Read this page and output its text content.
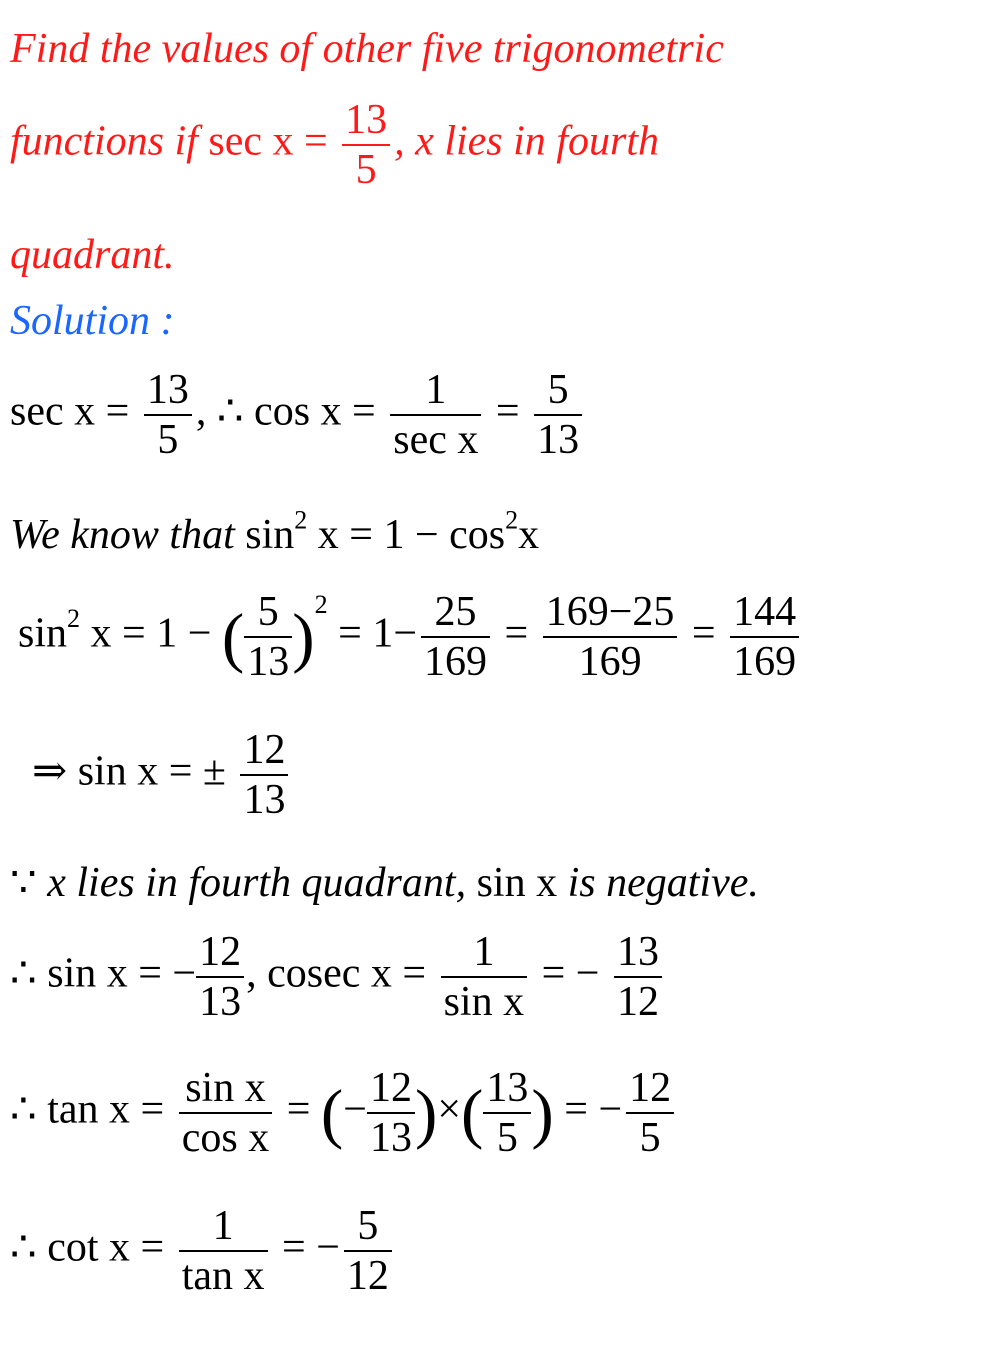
Find the values of other five trigonometric
functions if $\sec x = \frac{13}{5}$ , x lies in fourth
quadrant.
Solution :
$\sec x = \frac{13}{5}$ , ∴ $\cos x = \frac{1}{\text{sec x}} = \frac{5}{13}$
We know that $\sin^2 x = 1 - \cos^2x$
$\sin^2 x = 1$ − ( $\frac{5}{13} )^2 = 1- \frac{25}{169} = \frac{169-25}{169} = \frac{144}{169}$
⇒ sin x = ± $\frac{12}{13}$
∵ x lies in fourth quadrant, sin x is negative.
∴ sin x = − $\frac{12}{13}$ , cosec $x = \frac{1}{\text{sin x}}$ = − $\frac{13}{12}$
∴ $\tan x = \frac{\text{sin x}}{\text{cos x}}$ = (− $\frac{12}{13}$ )×( $\frac{13}{5}$ ) = − $\frac{12}{5}$
∴ $\cot x = \frac{1}{\text{tan x}}$ = − $\frac{5}{12}$
